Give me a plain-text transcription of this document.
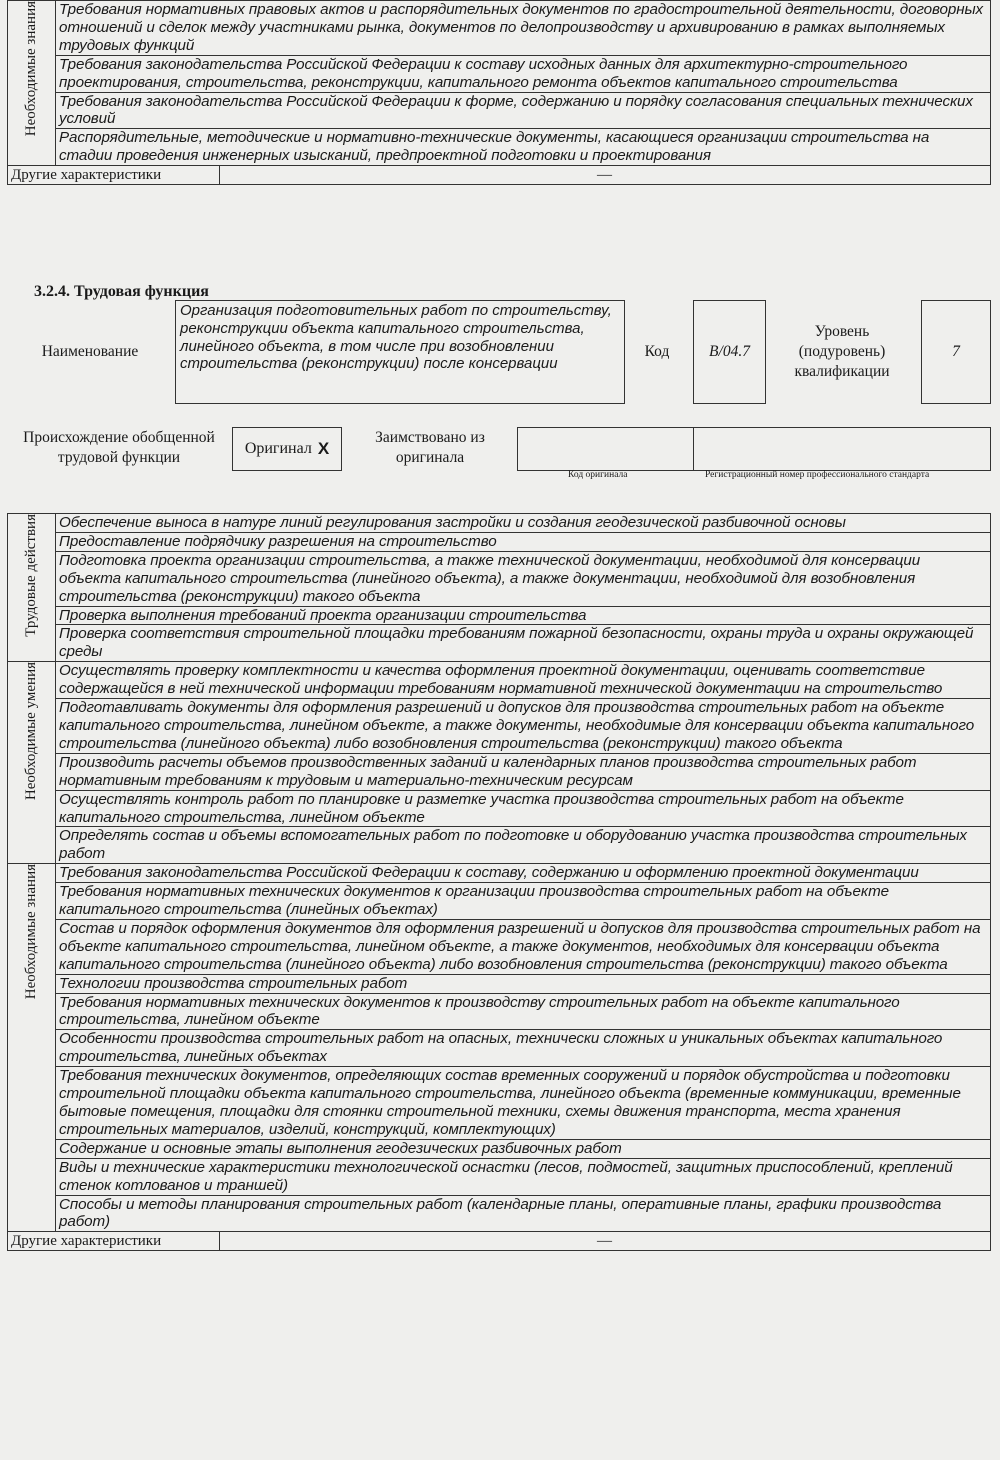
Необходимые знания	Требования нормативных правовых актов и распорядительных документов по градостроительной деятельности, договорных отношений и сделок между участниками рынка, документов по делопроизводству и архивированию в рамках выполняемых трудовых функций	
	Требования законодательства Российской Федерации к составу исходных данных для архитектурно-строительного проектирования, строительства, реконструкции, капитального ремонта объектов капитального строительства	
	Требования законодательства Российской Федерации к форме, содержанию и порядку согласования специальных технических условий	
	Распорядительные, методические и нормативно-технические документы, касающиеся организации строительства на стадии проведения инженерных изысканий, предпроектной подготовки и проектирования	
Другие характеристики		—
3.2.4. Трудовая функция
Наименование
Организация подготовительных работ по строительству, реконструкции объекта капитального строительства, линейного объекта, в том числе при возобновлении строительства (реконструкции) после консервации
Код	B/04.7
Уровень (подуровень) квалификации
7
Происхождение обобщенной трудовой функции
Оригинал X
Заимствовано из оригинала
Код оригинала	Регистрационный номер профессионального стандарта
Трудовые действия	Обеспечение выноса в натуре линий регулирования застройки и создания геодезической разбивочной основы	
	Предоставление подрядчику разрешения на строительство	
	Подготовка проекта организации строительства, а также технической документации, необходимой для консервации объекта капитального строительства (линейного объекта), а также документации, необходимой для возобновления строительства (реконструкции) такого объекта	
	Проверка выполнения требований проекта организации строительства	
	Проверка соответствия строительной площадки требованиям пожарной безопасности, охраны труда и охраны окружающей среды	
Необходимые умения	Осуществлять проверку комплектности и качества оформления проектной документации, оценивать соответствие содержащейся в ней технической информации требованиям нормативной технической документации на строительство	
	Подготавливать документы для оформления разрешений и допусков для производства строительных работ на объекте капитального строительства, линейном объекте, а также документы, необходимые для консервации объекта капитального строительства (линейного объекта) либо возобновления строительства (реконструкции) такого объекта	
	Производить расчеты объемов производственных заданий и календарных планов производства строительных работ нормативным требованиям к трудовым и материально-техническим ресурсам	
	Осуществлять контроль работ по планировке и разметке участка производства строительных работ на объекте капитального строительства, линейном объекте	
	Определять состав и объемы вспомогательных работ по подготовке и оборудованию участка производства строительных работ	
Необходимые знания	Требования законодательства Российской Федерации к составу, содержанию и оформлению проектной документации	
	Требования нормативных технических документов к организации производства строительных работ на объекте капитального строительства (линейных объектах)	
	Состав и порядок оформления документов для оформления разрешений и допусков для производства строительных работ на объекте капитального строительства, линейном объекте, а также документов, необходимых для консервации объекта капитального строительства (линейного объекта) либо возобновления строительства (реконструкции) такого объекта	
	Технологии производства строительных работ	
	Требования нормативных технических документов к производству строительных работ на объекте капитального строительства, линейном объекте	
	Особенности производства строительных работ на опасных, технически сложных и уникальных объектах капитального строительства, линейных объектах	
	Требования технических документов, определяющих состав временных сооружений и порядок обустройства и подготовки строительной площадки объекта капитального строительства, линейного объекта (временные коммуникации, временные бытовые помещения, площадки для стоянки строительной техники, схемы движения транспорта, места хранения строительных материалов, изделий, конструкций, комплектующих)	
	Содержание и основные этапы выполнения геодезических разбивочных работ	
	Виды и технические характеристики технологической оснастки (лесов, подмостей, защитных приспособлений, креплений стенок котлованов и траншей)	
	Способы и методы планирования строительных работ (календарные планы, оперативные планы, графики производства работ)	
Другие характеристики		—
